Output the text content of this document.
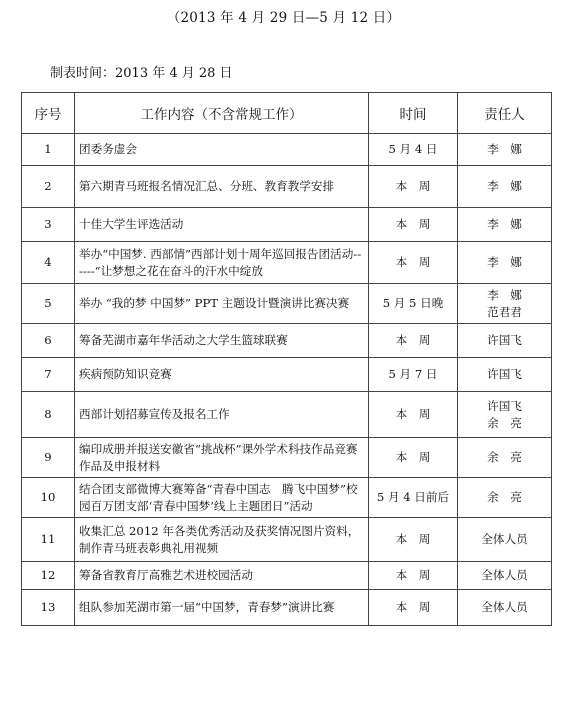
（2013 年 4 月 29 日—5 月 12 日）
制表时间：2013 年 4 月 28 日
序号	工作内容（不含常规工作）	时间	责任人
1	团委务虚会	5 月 4 日	李　娜

2	第六期青马班报名情况汇总、分班、教育教学安排	本　周	李　娜

3	十佳大学生评选活动	本　周	李　娜

4	举办“中国梦. 西部情”西部计划十周年巡回报告团活动------“让梦想之花在奋斗的汗水中绽放	本　周	李　娜

5	举办 “我的梦 中国梦” PPT 主题设计暨演讲比赛决赛	5 月 5 日晚	李　娜
范君君

6	筹备芜湖市嘉年华活动之大学生篮球联赛	本　周	许国飞

7	疾病预防知识竞赛	5 月 7 日	许国飞

8	西部计划招募宣传及报名工作	本　周	许国飞
余　亮

9	编印成册并报送安徽省“挑战杯”课外学术科技作品竞赛作品及申报材料	本　周	余　亮

10	结合团支部微博大赛筹备“青春中国志　腾飞中国梦”校园百万团支部‘青春中国梦’线上主题团日”活动	5 月 4 日前后	余　亮

11	收集汇总 2012 年各类优秀活动及获奖情况图片资料，制作青马班表彰典礼用视频	本　周	全体人员

12	筹备省教育厅高雅艺术进校园活动	本　周	全体人员

13	组队参加芜湖市第一届“中国梦，青春梦”演讲比赛	本　周	全体人员
